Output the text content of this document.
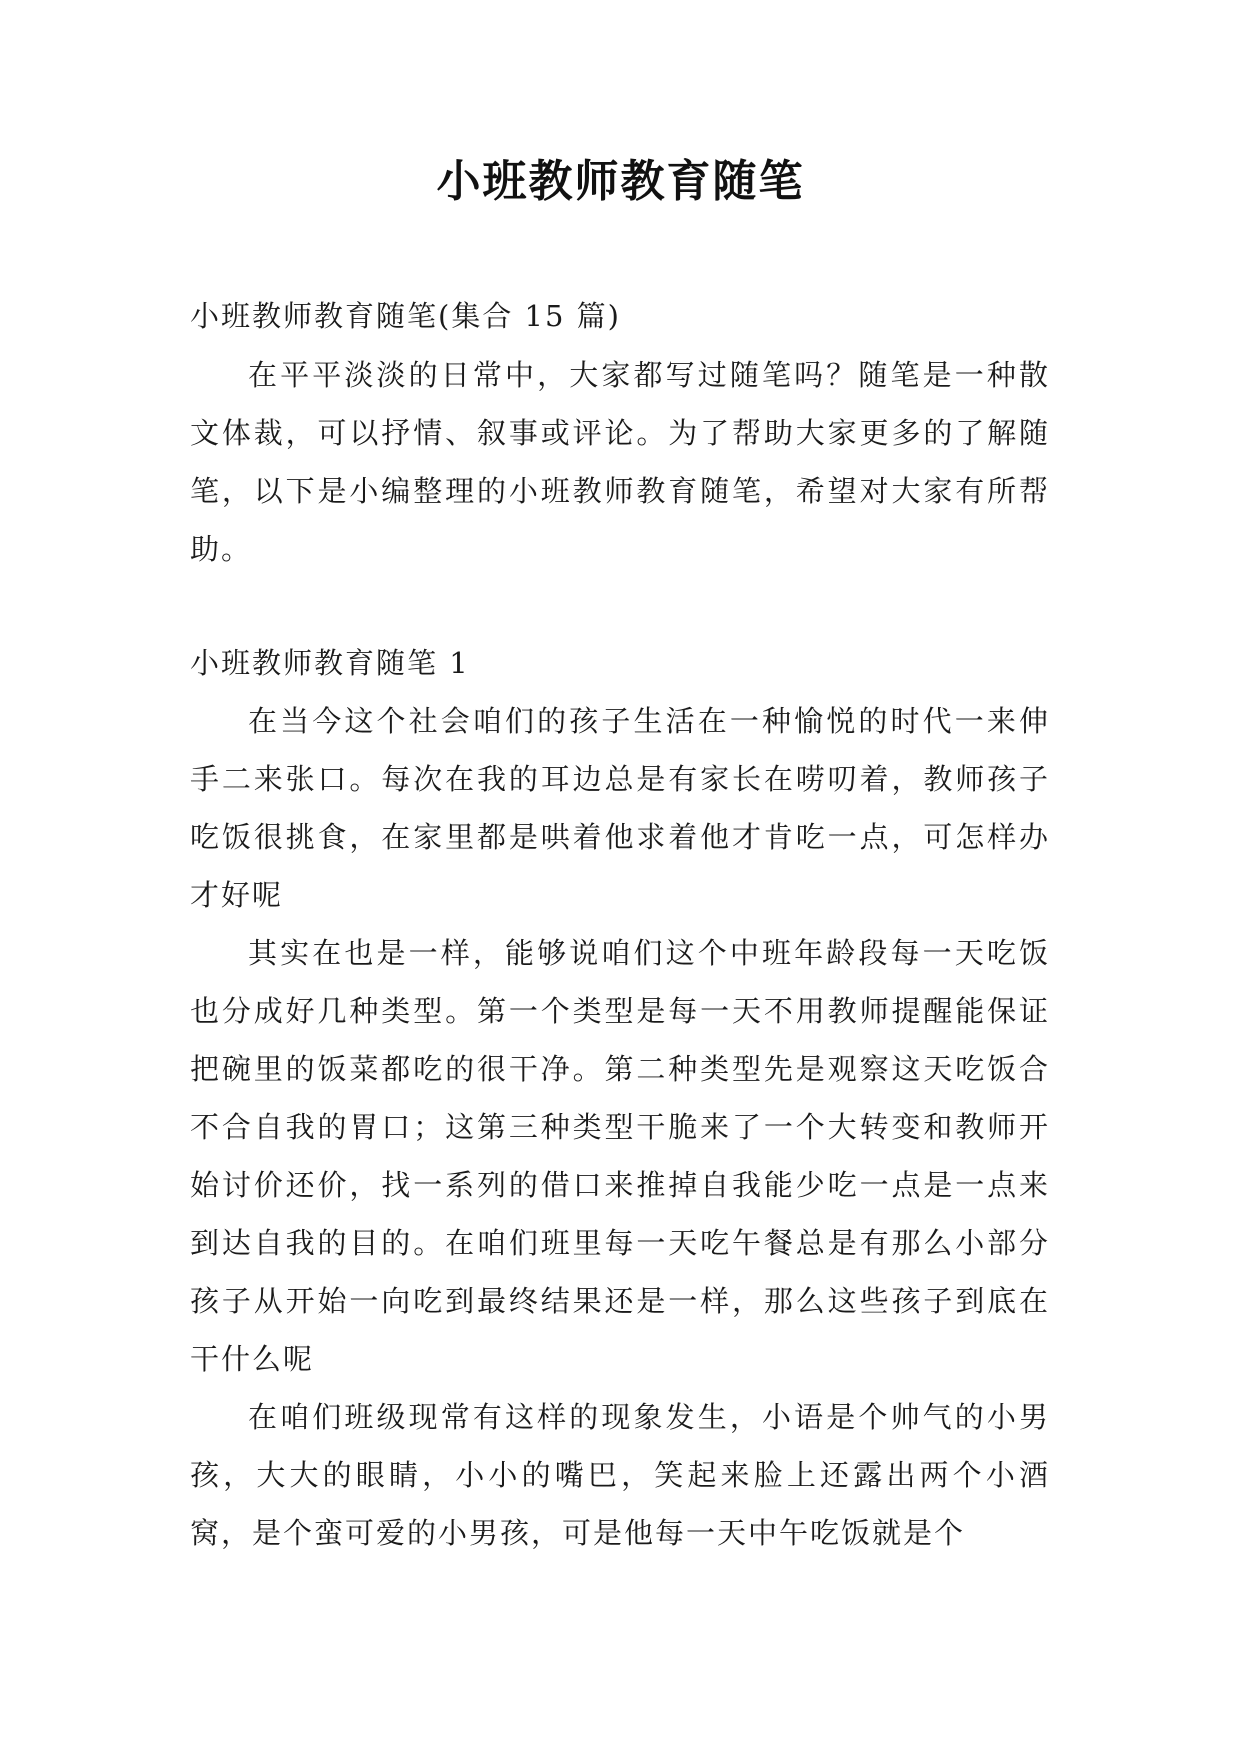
小班教师教育随笔
小班教师教育随笔(集合 15 篇)

在平平淡淡的日常中，大家都写过随笔吗？随笔是一种散文体裁，可以抒情、叙事或评论。为了帮助大家更多的了解随笔，以下是小编整理的小班教师教育随笔，希望对大家有所帮助。

小班教师教育随笔 1

在当今这个社会咱们的孩子生活在一种愉悦的时代一来伸手二来张口。每次在我的耳边总是有家长在唠叨着，教师孩子吃饭很挑食，在家里都是哄着他求着他才肯吃一点，可怎样办才好呢

其实在也是一样，能够说咱们这个中班年龄段每一天吃饭也分成好几种类型。第一个类型是每一天不用教师提醒能保证把碗里的饭菜都吃的很干净。第二种类型先是观察这天吃饭合不合自我的胃口；这第三种类型干脆来了一个大转变和教师开始讨价还价，找一系列的借口来推掉自我能少吃一点是一点来到达自我的目的。在咱们班里每一天吃午餐总是有那么小部分孩子从开始一向吃到最终结果还是一样，那么这些孩子到底在干什么呢

在咱们班级现常有这样的现象发生，小语是个帅气的小男孩，大大的眼睛，小小的嘴巴，笑起来脸上还露出两个小酒窝，是个蛮可爱的小男孩，可是他每一天中午吃饭就是个
